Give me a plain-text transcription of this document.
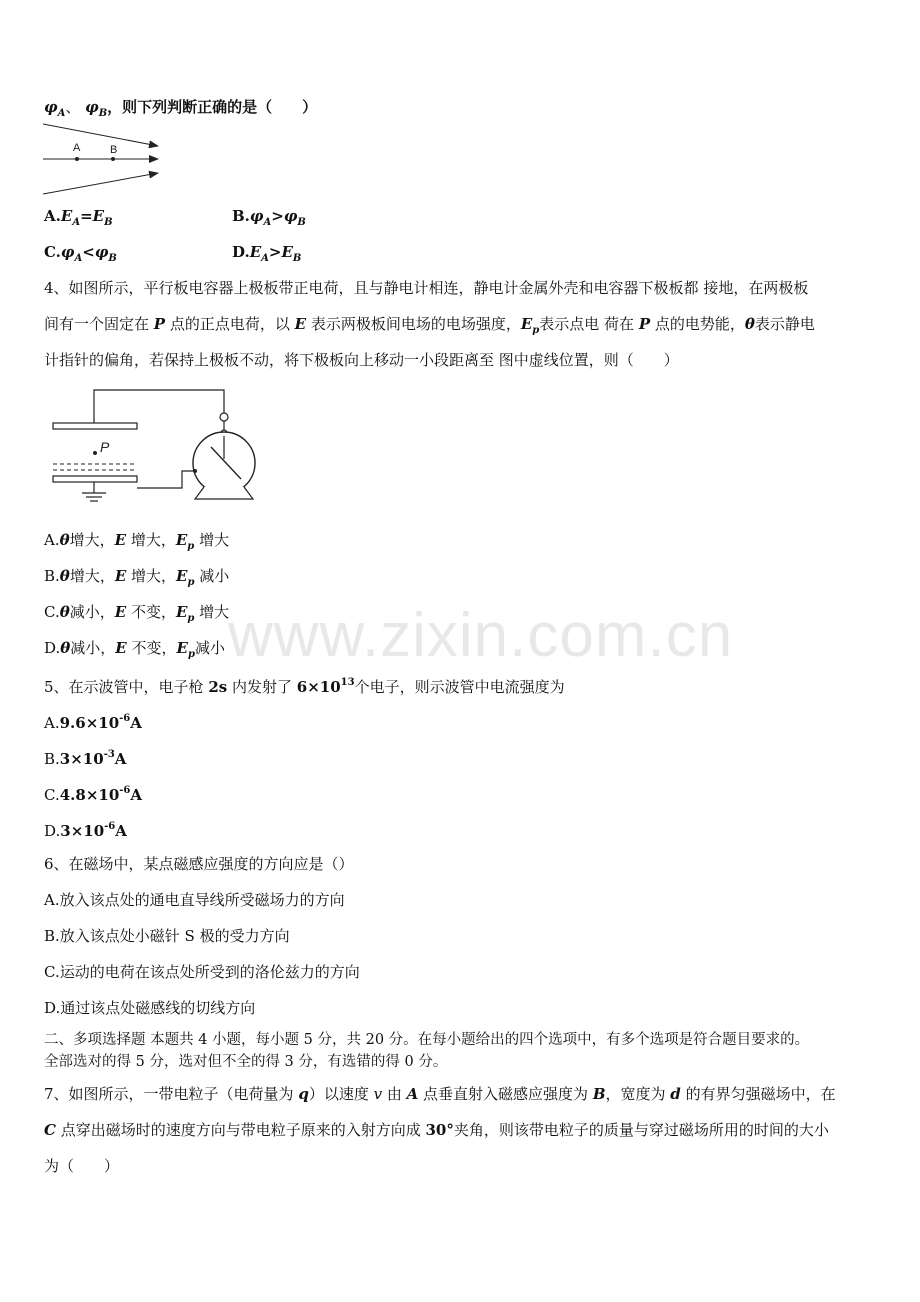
$\varphi_A$、 $\varphi_B$，则下列判断正确的是（　　）
A	B
$A.E_A=E_B$	$B.\varphi_A>\varphi_B$
$C.\varphi_A<\varphi_B$	$D.E_A>E_B$
4、如图所示，平行板电容器上极板带正电荷，且与静电计相连，静电计金属外壳和电容器下极板都 接地，在两极板
间有一个固定在 P 点的正点电荷，以 E 表示两极板间电场的电场强度，$E_p$表示点电 荷在 P 点的电势能，θ表示静电
计指针的偏角，若保持上极板不动，将下极板向上移动一小段距离至 图中虚线位置，则（　　）
P
A.θ增大，E 增大，$E_p$ 增大
B.θ增大，E 增大，$E_p$ 减小
C.θ减小，E 不变，$E_p$ 增大
D.θ减小，E 不变，$E_p$减小
5、在示波管中，电子枪 2s 内发射了 $6\times 10^{13}$个电子，则示波管中电流强度为
$A.9.6\times 10^{-6}A$
$B.3\times 10^{-3}A$
$C.4.8\times 10^{-6}A$
$D.3\times 10^{-6}A$
6、在磁场中，某点磁感应强度的方向应是（）
A.放入该点处的通电直导线所受磁场力的方向
B.放入该点处小磁针 S 极的受力方向
C.运动的电荷在该点处所受到的洛伦兹力的方向
D.通过该点处磁感线的切线方向
二、多项选择题 本题共 4 小题，每小题 5 分，共 20 分。在每小题给出的四个选项中，有多个选项是符合题目要求的。
全部选对的得 5 分，选对但不全的得 3 分，有选错的得 0 分。
7、如图所示，一带电粒子（电荷量为 q）以速度 v 由 A 点垂直射入磁感应强度为 B，宽度为 d 的有界匀强磁场中，在
C 点穿出磁场时的速度方向与带电粒子原来的入射方向成 30°夹角，则该带电粒子的质量与穿过磁场所用的时间的大小
为（　　）
www.zixin.com.cn
